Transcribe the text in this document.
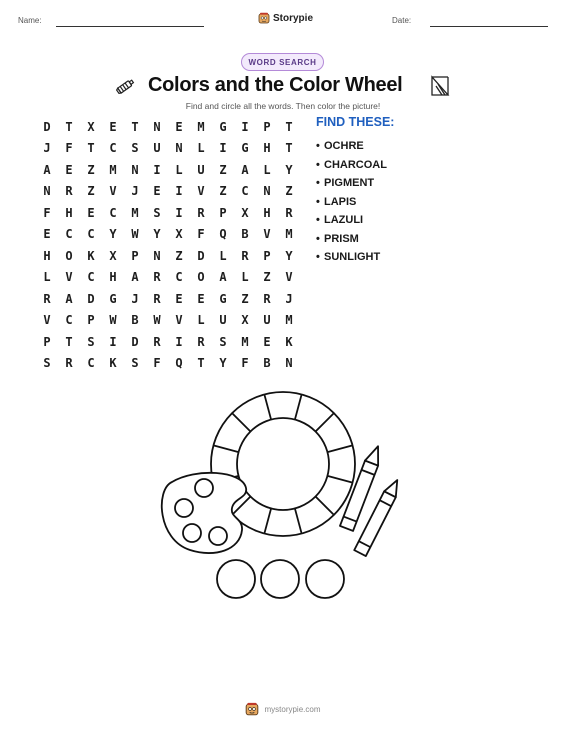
Name:	Storypie	Date:
WORD SEARCH
Colors and the Color Wheel
Find and circle all the words. Then color the picture!
D	T	X	E	T	N	E	M	G	I	P	T
J	F	T	C	S	U	N	L	I	G	H	T
A	E	Z	M	N	I	L	U	Z	A	L	Y
N	R	Z	V	J	E	I	V	Z	C	N	Z
F	H	E	C	M	S	I	R	P	X	H	R
E	C	C	Y	W	Y	X	F	Q	B	V	M
H	O	K	X	P	N	Z	D	L	R	P	Y
L	V	C	H	A	R	C	O	A	L	Z	V
R	A	D	G	J	R	E	E	G	Z	R	J
V	C	P	W	B	W	V	L	U	X	U	M
P	T	S	I	D	R	I	R	S	M	E	K
S	R	C	K	S	F	Q	T	Y	F	B	N
FIND THESE:
• OCHRE
• CHARCOAL
• PIGMENT
• LAPIS
• LAZULI
• PRISM
• SUNLIGHT
mystorypie.com
